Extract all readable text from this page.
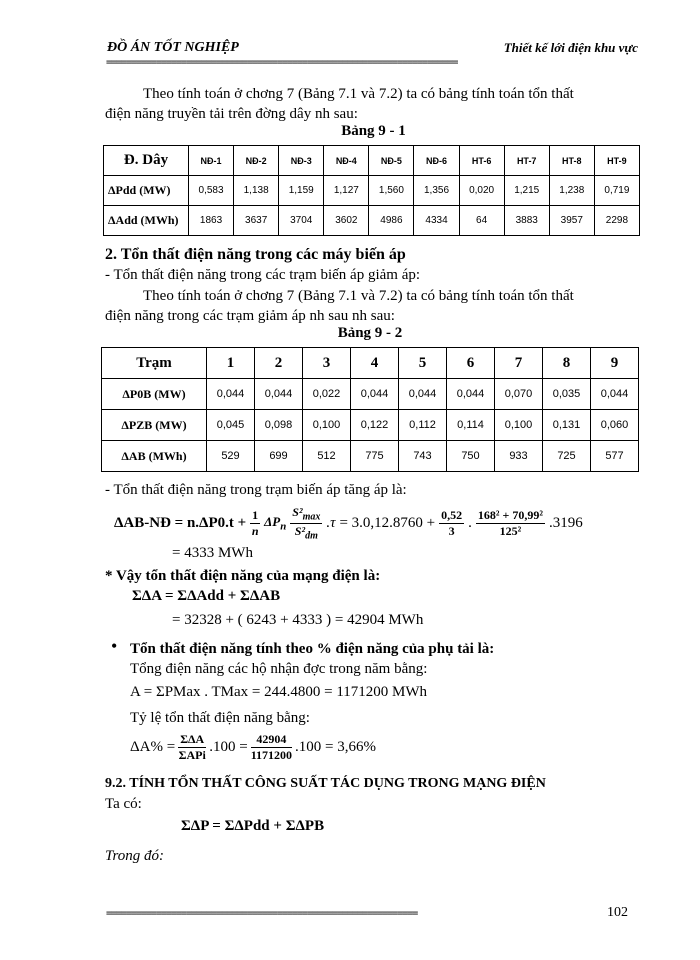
ĐỒ ÁN TỐT NGHIỆP	Thiết kế lới điện khu vực
======================================================================
Theo tính toán ở chơng 7 (Bảng 7.1 và 7.2) ta có bảng tính toán tổn thất
điện năng truyền tải trên đờng dây nh sau:
Bảng 9 - 1
Đ. Dây	NĐ-1	NĐ-2	NĐ-3	NĐ-4	NĐ-5	NĐ-6	HT-6	HT-7	HT-8	HT-9
ΔPdd (MW)	0,583	1,138	1,159	1,127	1,560	1,356	0,020	1,215	1,238	0,719
ΔAdd (MWh)	1863	3637	3704	3602	4986	4334	64	3883	3957	2298
2. Tổn thất điện năng trong các máy biến áp
- Tổn thất điện năng trong các trạm biến áp giảm áp:
Theo tính toán ở chơng 7 (Bảng 7.1 và 7.2) ta có bảng tính toán tổn thất
điện năng trong các trạm giảm áp nh sau nh sau:
Bảng 9 - 2
Trạm	1	2	3	4	5	6	7	8	9
ΔP0B (MW)	0,044	0,044	0,022	0,044	0,044	0,044	0,070	0,035	0,044
ΔPZB (MW)	0,045	0,098	0,100	0,122	0,112	0,114	0,100	0,131	0,060
ΔAB (MWh)	529	699	512	775	743	750	933	725	577
- Tổn thất điện năng trong trạm biến áp tăng áp là:
ΔAB-NĐ = $n.\Delta P0.t + \frac{1}{n} \Delta P_n \frac{S^2_{max}}{S^2_{dm}} .\tau = 3.0,12.8760 + \frac{0,52}{3}$ . $\frac{\text{168² + 70,99²}}{\text{125²}} .3196$
= 4333 MWh
* Vậy tổn thất điện năng của mạng điện là:
ΣΔA = ΣΔAdd + ΣΔAB
= 32328 + ( 6243 + 4333 ) = 42904 MWh
• Tổn thất điện năng tính theo % điện năng của phụ tải là:
Tổng điện năng các hộ nhận đợc trong năm bằng:
A = ΣPMax . TMax = 244.4800 = 1171200 MWh
Tỷ lệ tổn thất điện năng bằng:
$\Delta A\% = \frac{\text{ΣΔA}}{\text{ΣAPi}} .100 = \frac{42904}{1171200} .100 = 3,66\%$
9.2. TÍNH TỔN THẤT CÔNG SUẤT TÁC DỤNG TRONG MẠNG ĐIỆN
Ta có:
ΣΔP = ΣΔPdd + ΣΔPB
Trong đó:
==============================================================	102
